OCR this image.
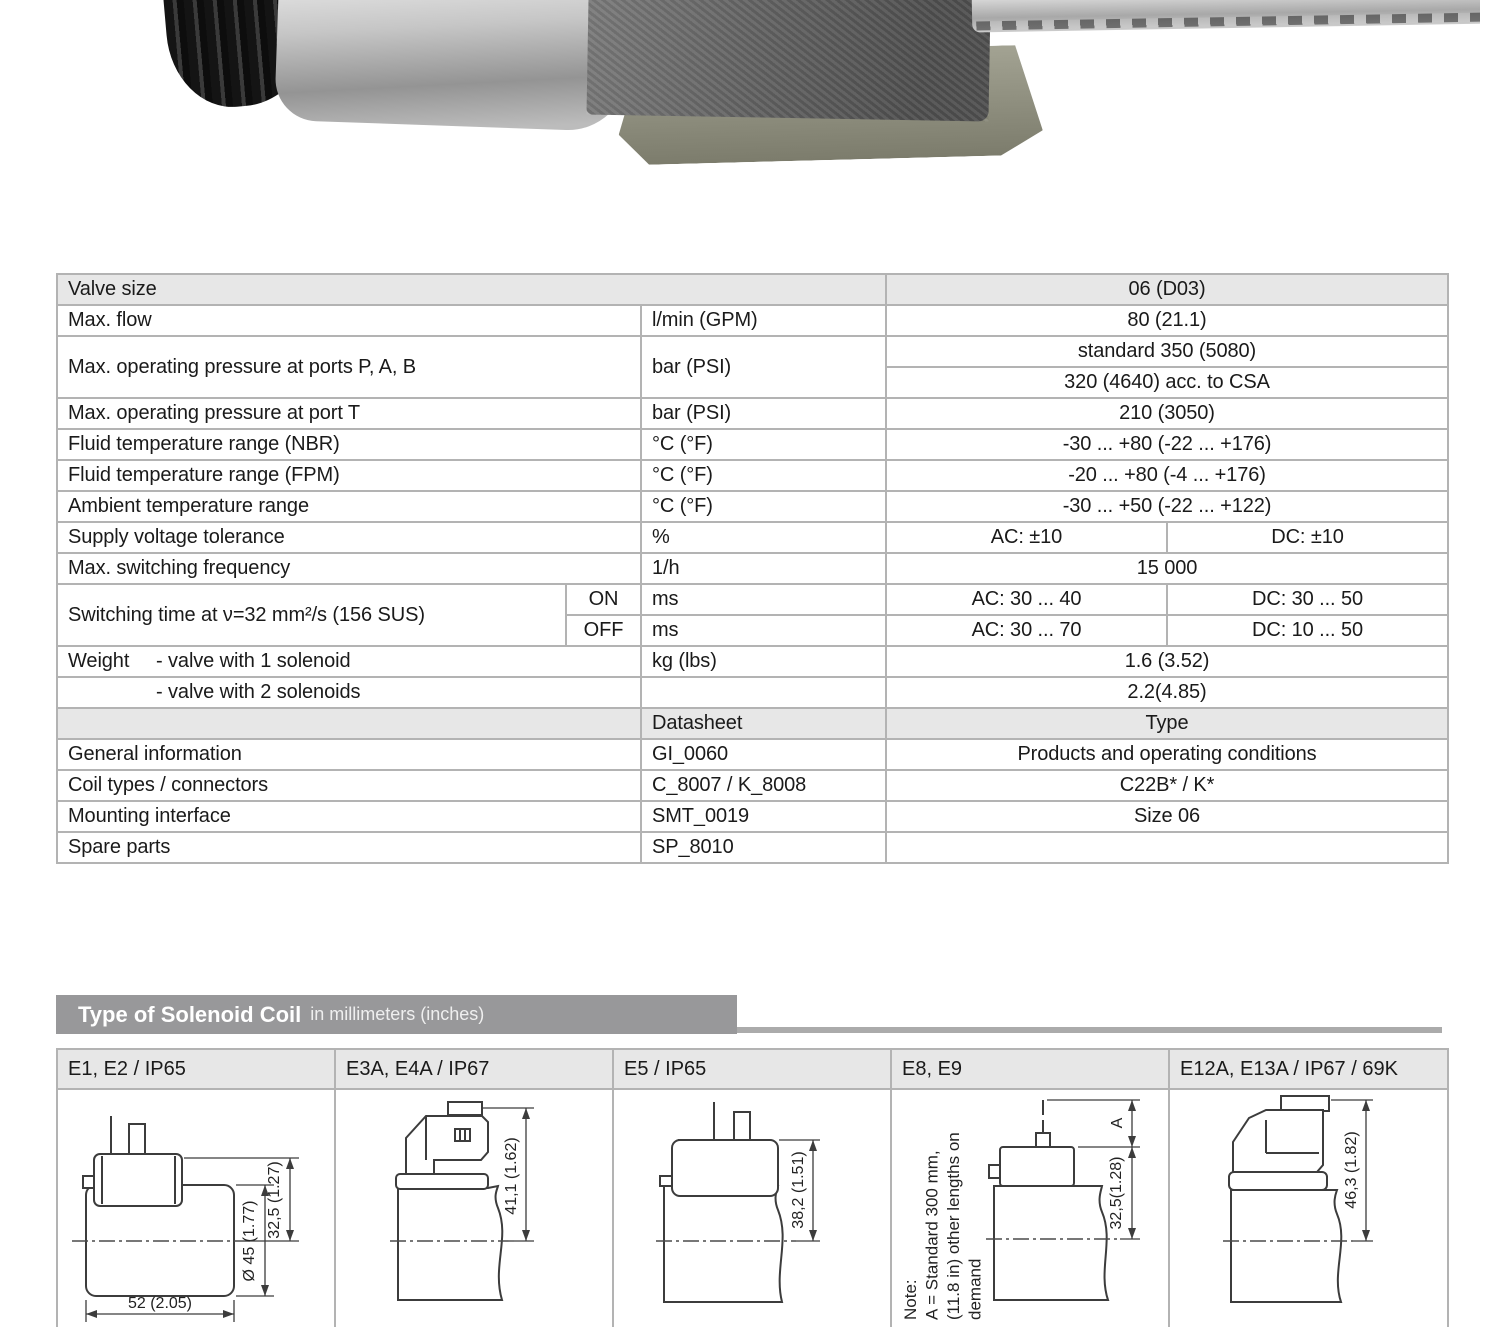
Valve size			06 (D03)	
Max. flow		l/min (GPM)	80 (21.1)	
Max. operating pressure at ports P, A, B		bar (PSI)	standard 350 (5080)	
			320 (4640) acc. to CSA	
Max. operating pressure at port T		bar (PSI)	210 (3050)	
Fluid temperature range (NBR)		°C (°F)	-30 ... +80 (-22 ... +176)	
Fluid temperature range (FPM)		°C (°F)	-20 ... +80 (-4 ... +176)	
Ambient temperature range		°C (°F)	-30 ... +50 (-22 ... +122)	
Supply voltage tolerance		%	AC: ±10	DC: ±10
Max. switching frequency		1/h	15 000	
Switching time at ν=32 mm²/s (156 SUS)	ON	ms	AC: 30 ... 40	DC: 30 ... 50
	OFF	ms	AC: 30 ... 70	DC: 10 ... 50
Weight - valve with 1 solenoid		kg (lbs)	1.6 (3.52)	
- valve with 2 solenoids			2.2(4.85)	
		Datasheet	Type	
General information		GI_0060	Products and operating conditions	
Coil types / connectors		C_8007 / K_8008	C22B* / K*	
Mounting interface		SMT_0019	Size 06	
Spare parts		SP_8010		
Type of Solenoid Coil in millimeters (inches)
E1, E2 / IP65	E3A, E4A / IP67	E5 / IP65	E8, E9	E12A, E13A / IP67 / 69K

52 (2.05)
Ø 45 (1.77)
32,5 (1.27)	41,1 (1.62)	38,2 (1.51)	Note: A = Standard 300 mm, (11.8 in) other lengths on demand
A
32,5(1.28)	46,3 (1.82)
